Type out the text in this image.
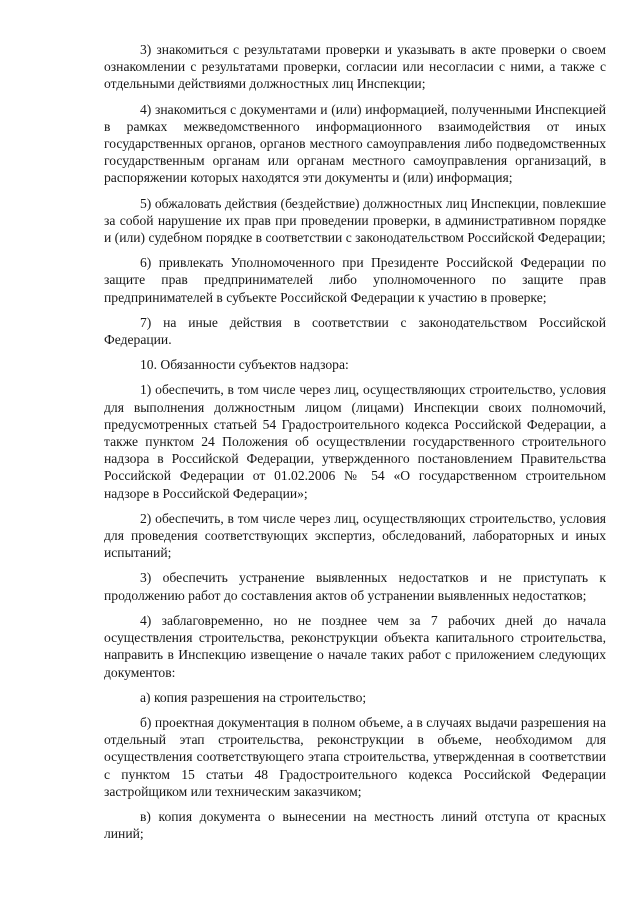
3) знакомиться с результатами проверки и указывать в акте проверки о своем ознакомлении с результатами проверки, согласии или несогласии с ними, а также с отдельными действиями должностных лиц Инспекции;

4) знакомиться с документами и (или) информацией, полученными Инспекцией в рамках межведомственного информационного взаимодействия от иных государственных органов, органов местного самоуправления либо подведомственных государственным органам или органам местного самоуправления организаций, в распоряжении которых находятся эти документы и (или) информация;

5) обжаловать действия (бездействие) должностных лиц Инспекции, повлекшие за собой нарушение их прав при проведении проверки, в административном порядке и (или) судебном порядке в соответствии с законодательством Российской Федерации;

6) привлекать Уполномоченного при Президенте Российской Федерации по защите прав предпринимателей либо уполномоченного по защите прав предпринимателей в субъекте Российской Федерации к участию в проверке;

7) на иные действия в соответствии с законодательством Российской Федерации.

10. Обязанности субъектов надзора:

1) обеспечить, в том числе через лиц, осуществляющих строительство, условия для выполнения должностным лицом (лицами) Инспекции своих полномочий, предусмотренных статьей 54 Градостроительного кодекса Российской Федерации, а также пунктом 24 Положения об осуществлении государственного строительного надзора в Российской Федерации, утвержденного постановлением Правительства Российской Федерации от 01.02.2006 № 54 «О государственном строительном надзоре в Российской Федерации»;

2) обеспечить, в том числе через лиц, осуществляющих строительство, условия для проведения соответствующих экспертиз, обследований, лабораторных и иных испытаний;

3) обеспечить устранение выявленных недостатков и не приступать к продолжению работ до составления актов об устранении выявленных недостатков;

4) заблаговременно, но не позднее чем за 7 рабочих дней до начала осуществления строительства, реконструкции объекта капитального строительства, направить в Инспекцию извещение о начале таких работ с приложением следующих документов:

а) копия разрешения на строительство;

б) проектная документация в полном объеме, а в случаях выдачи разрешения на отдельный этап строительства, реконструкции в объеме, необходимом для осуществления соответствующего этапа строительства, утвержденная в соответствии с пунктом 15 статьи 48 Градостроительного кодекса Российской Федерации застройщиком или техническим заказчиком;

в) копия документа о вынесении на местность линий отступа от красных линий;
